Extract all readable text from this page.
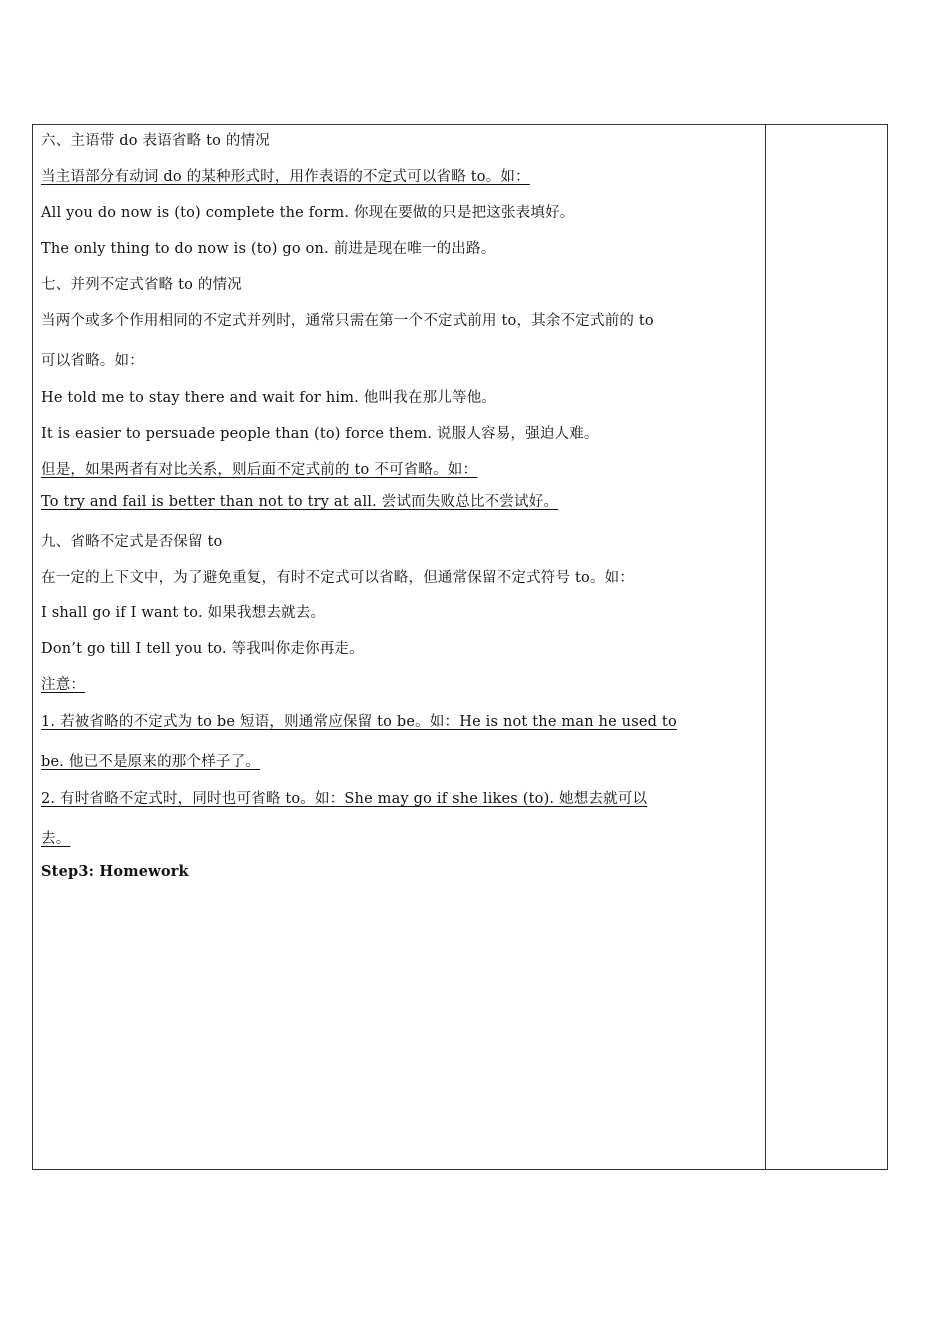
六、主语带 do 表语省略 to 的情况
当主语部分有动词 do 的某种形式时，用作表语的不定式可以省略 to。如：
All you do now is (to) complete the form. 你现在要做的只是把这张表填好。
The only thing to do now is (to) go on. 前进是现在唯一的出路。
七、并列不定式省略 to 的情况
当两个或多个作用相同的不定式并列时，通常只需在第一个不定式前用 to，其余不定式前的 to
可以省略。如：
He told me to stay there and wait for him. 他叫我在那儿等他。
It is easier to persuade people than (to) force them. 说服人容易，强迫人难。
但是，如果两者有对比关系，则后面不定式前的 to 不可省略。如：
To try and fail is better than not to try at all. 尝试而失败总比不尝试好。
九、省略不定式是否保留 to
在一定的上下文中，为了避免重复，有时不定式可以省略，但通常保留不定式符号 to。如：
I shall go if I want to. 如果我想去就去。
Don’t go till I tell you to. 等我叫你走你再走。
注意：
1. 若被省略的不定式为 to be 短语，则通常应保留 to be。如：He is not the man he used to
be. 他已不是原来的那个样子了。
2. 有时省略不定式时，同时也可省略 to。如：She may go if she likes (to). 她想去就可以
去。
Step3: Homework
